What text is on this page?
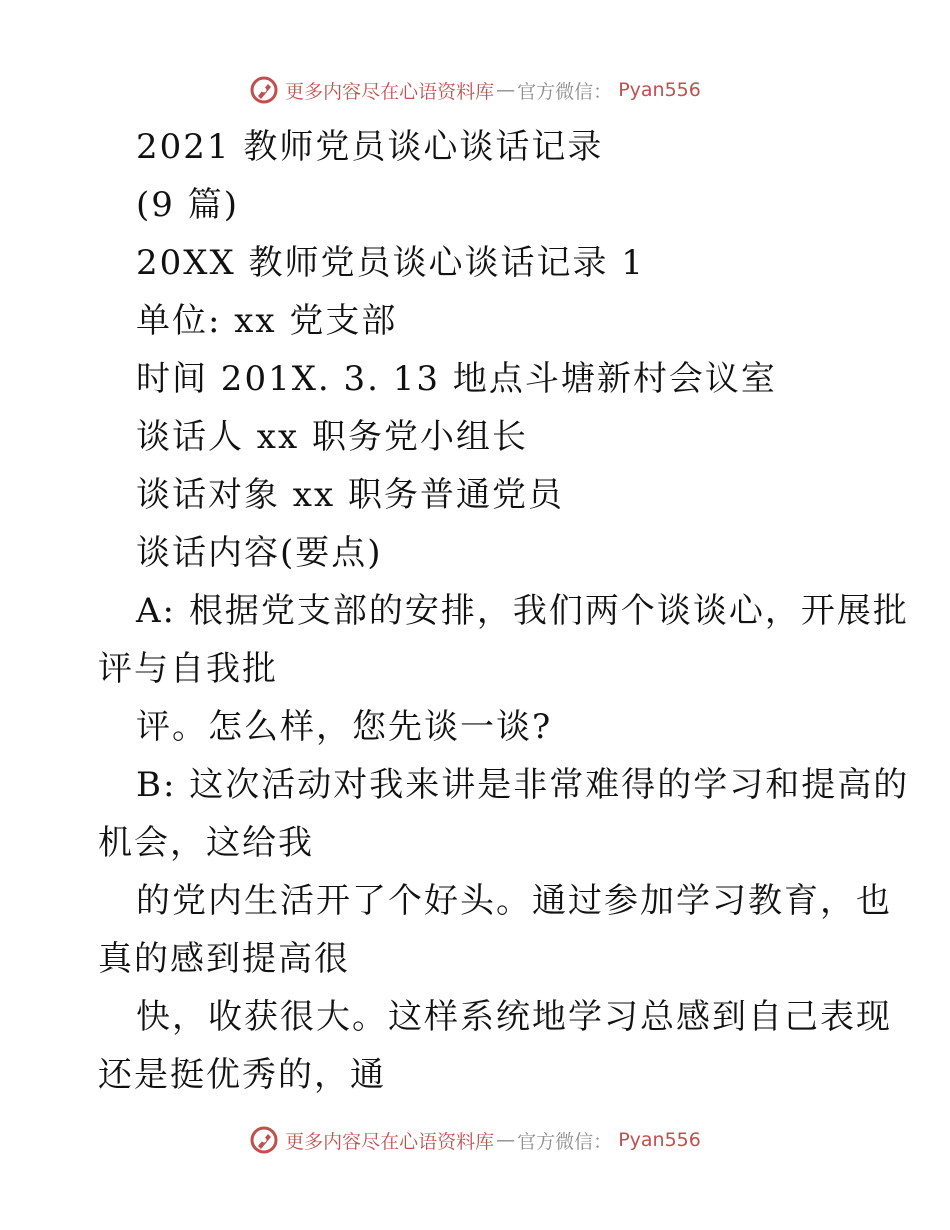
更多内容尽在心语资料库 — 官方微信： Pyan556
2021 教师党员谈心谈话记录
(9 篇)
20XX 教师党员谈心谈话记录 1
单位: xx 党支部
时间 201X. 3. 13 地点斗塘新村会议室
谈话人 xx 职务党小组长
谈话对象 xx 职务普通党员
谈话内容(要点)
A: 根据党支部的安排，我们两个谈谈心，开展批
评与自我批
评。怎么样，您先谈一谈?
B: 这次活动对我来讲是非常难得的学习和提高的
机会，这给我
的党内生活开了个好头。通过参加学习教育，也
真的感到提高很
快，收获很大。这样系统地学习总感到自己表现
还是挺优秀的，通
更多内容尽在心语资料库 — 官方微信： Pyan556
